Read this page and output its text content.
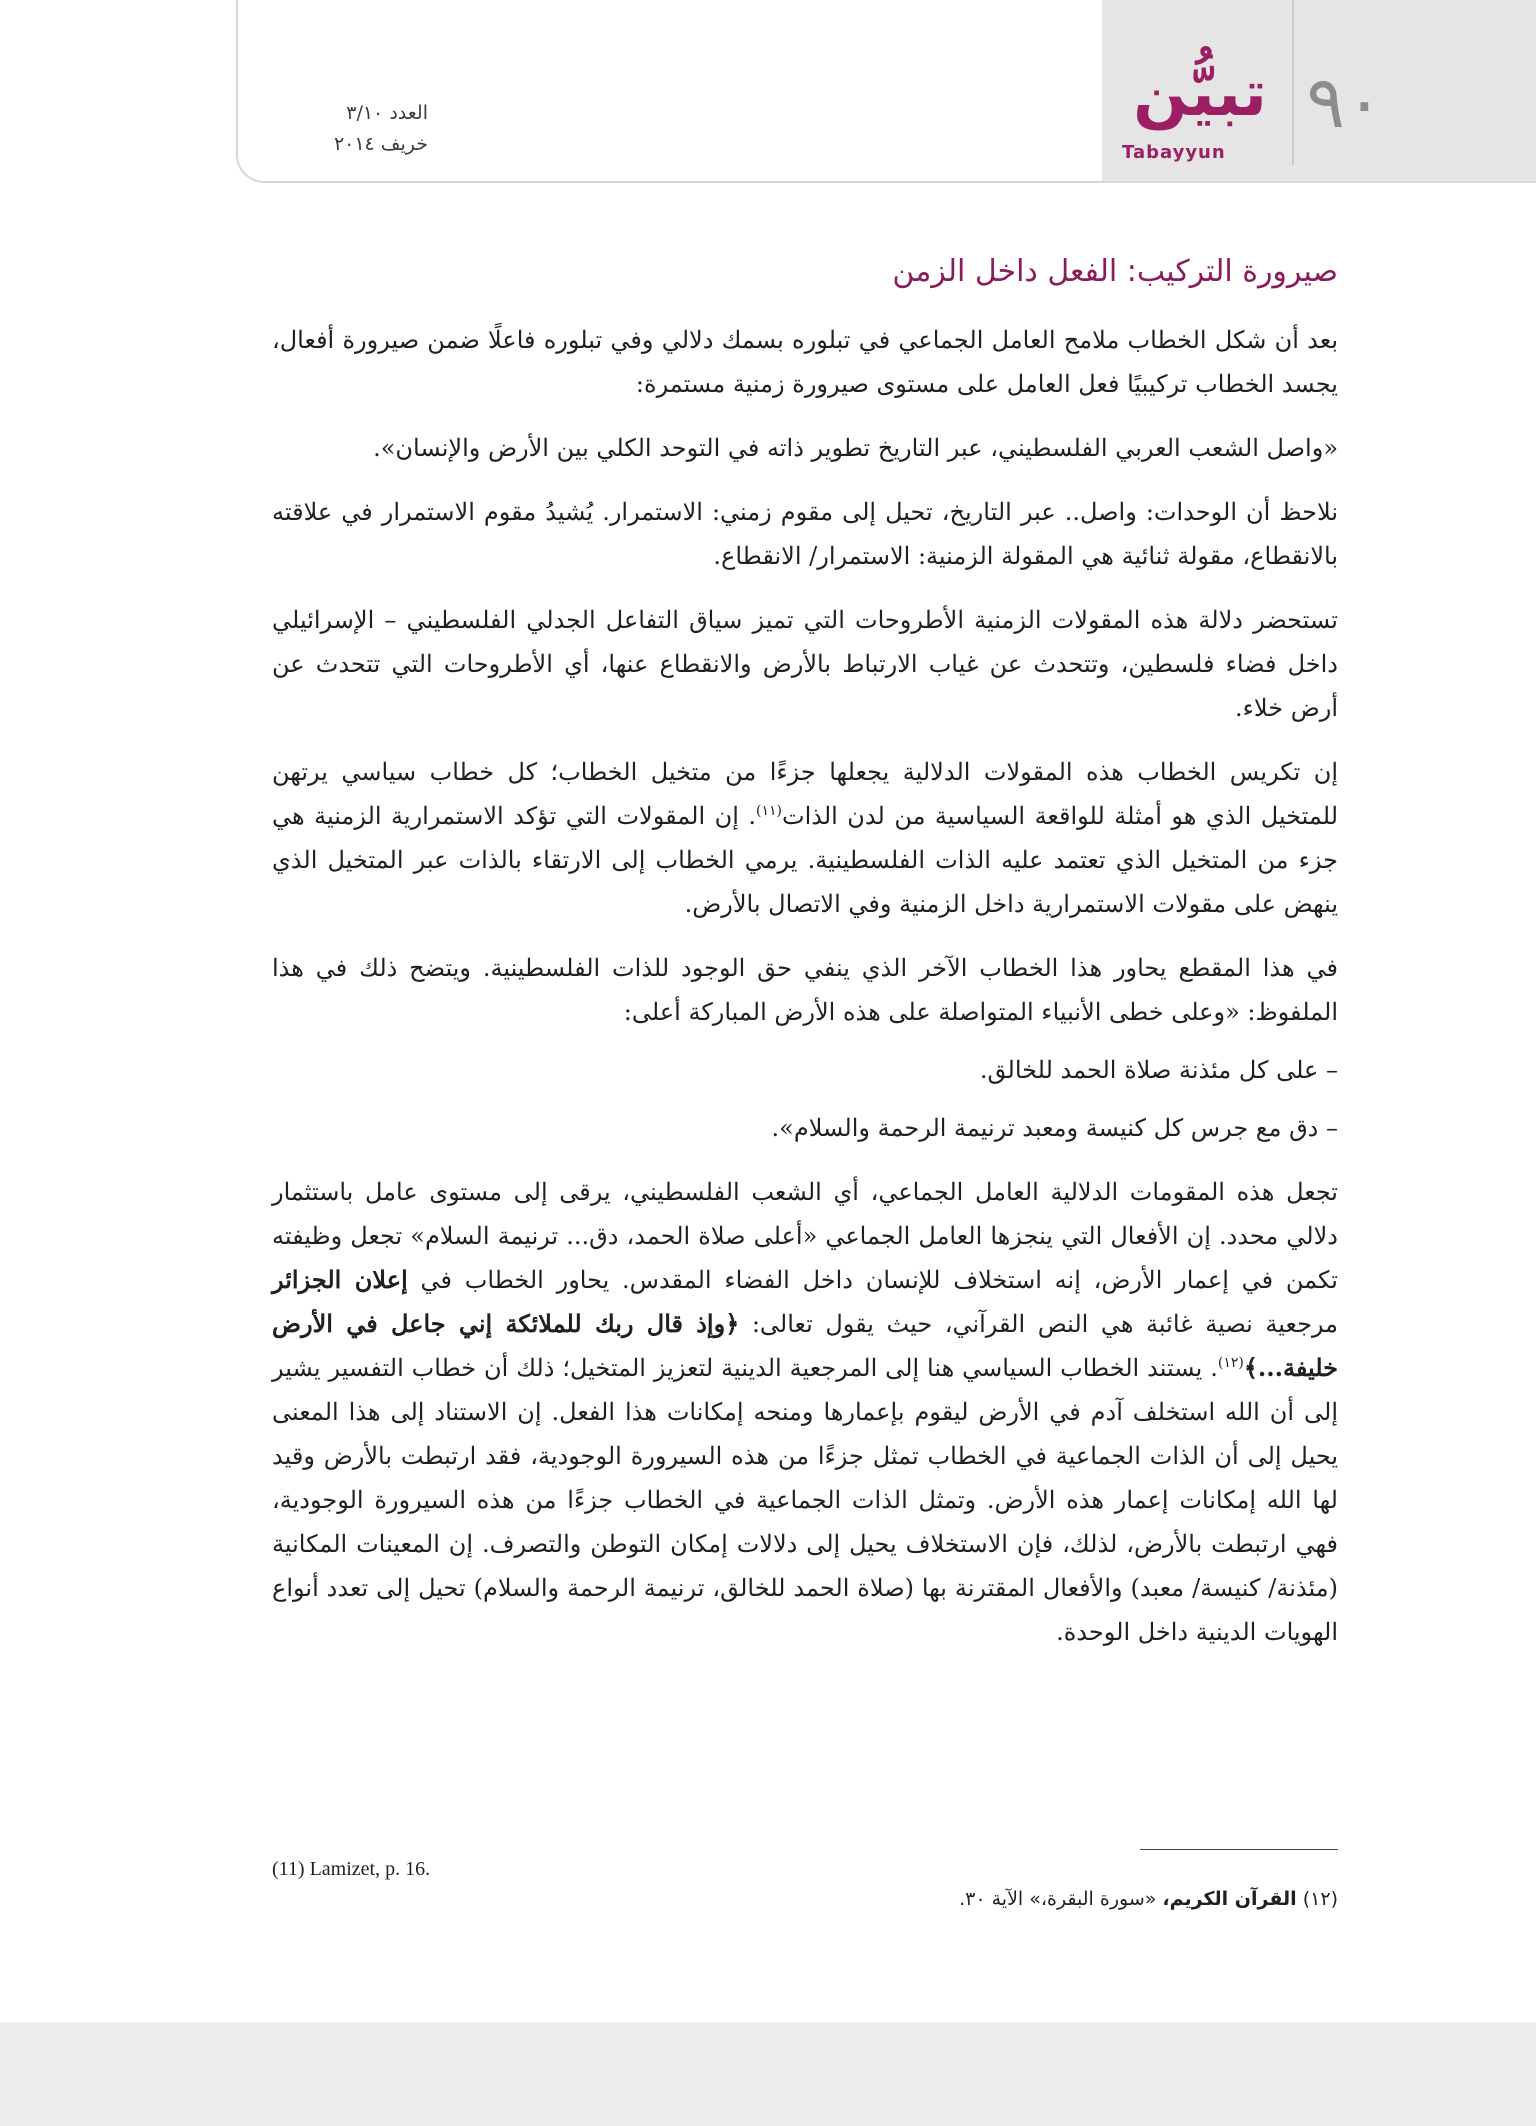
٩٠
تبيُّن
Tabayyun
العدد ٣/١٠
خريف ٢٠١٤
صيرورة التركيب: الفعل داخل الزمن

بعد أن شكل الخطاب ملامح العامل الجماعي في تبلوره بسمك دلالي وفي تبلوره فاعلًا ضمن صيرورة أفعال، يجسد الخطاب تركيبيًا فعل العامل على مستوى صيرورة زمنية مستمرة:

«واصل الشعب العربي الفلسطيني، عبر التاريخ تطوير ذاته في التوحد الكلي بين الأرض والإنسان».

نلاحظ أن الوحدات: واصل.. عبر التاريخ، تحيل إلى مقوم زمني: الاستمرار. يُشيدُ مقوم الاستمرار في علاقته بالانقطاع، مقولة ثنائية هي المقولة الزمنية: الاستمرار/ الانقطاع.

تستحضر دلالة هذه المقولات الزمنية الأطروحات التي تميز سياق التفاعل الجدلي الفلسطيني – الإسرائيلي داخل فضاء فلسطين، وتتحدث عن غياب الارتباط بالأرض والانقطاع عنها، أي الأطروحات التي تتحدث عن أرض خلاء.

إن تكريس الخطاب هذه المقولات الدلالية يجعلها جزءًا من متخيل الخطاب؛ كل خطاب سياسي يرتهن للمتخيل الذي هو أمثلة للواقعة السياسية من لدن الذات$^{(١١)}$. إن المقولات التي تؤكد الاستمرارية الزمنية هي جزء من المتخيل الذي تعتمد عليه الذات الفلسطينية. يرمي الخطاب إلى الارتقاء بالذات عبر المتخيل الذي ينهض على مقولات الاستمرارية داخل الزمنية وفي الاتصال بالأرض.

في هذا المقطع يحاور هذا الخطاب الآخر الذي ينفي حق الوجود للذات الفلسطينية. ويتضح ذلك في هذا الملفوظ: «وعلى خطى الأنبياء المتواصلة على هذه الأرض المباركة أعلى:

– على كل مئذنة صلاة الحمد للخالق.

– دق مع جرس كل كنيسة ومعبد ترنيمة الرحمة والسلام».

تجعل هذه المقومات الدلالية العامل الجماعي، أي الشعب الفلسطيني، يرقى إلى مستوى عامل باستثمار دلالي محدد. إن الأفعال التي ينجزها العامل الجماعي «أعلى صلاة الحمد، دق... ترنيمة السلام» تجعل وظيفته تكمن في إعمار الأرض، إنه استخلاف للإنسان داخل الفضاء المقدس. يحاور الخطاب في إعلان الجزائر مرجعية نصية غائبة هي النص القرآني، حيث يقول تعالى: ﴿وإذ قال ربك للملائكة إني جاعل في الأرض خليفة...﴾$^{(١٢)}$. يستند الخطاب السياسي هنا إلى المرجعية الدينية لتعزيز المتخيل؛ ذلك أن خطاب التفسير يشير إلى أن الله استخلف آدم في الأرض ليقوم بإعمارها ومنحه إمكانات هذا الفعل. إن الاستناد إلى هذا المعنى يحيل إلى أن الذات الجماعية في الخطاب تمثل جزءًا من هذه السيرورة الوجودية، فقد ارتبطت بالأرض وقيد لها الله إمكانات إعمار هذه الأرض. وتمثل الذات الجماعية في الخطاب جزءًا من هذه السيرورة الوجودية، فهي ارتبطت بالأرض، لذلك، فإن الاستخلاف يحيل إلى دلالات إمكان التوطن والتصرف. إن المعينات المكانية (مئذنة/ كنيسة/ معبد) والأفعال المقترنة بها (صلاة الحمد للخالق، ترنيمة الرحمة والسلام) تحيل إلى تعدد أنواع الهويات الدينية داخل الوحدة.

(11) Lamizet, p. 16.
(١٢) القرآن الكريم، «سورة البقرة،» الآية ٣٠.
